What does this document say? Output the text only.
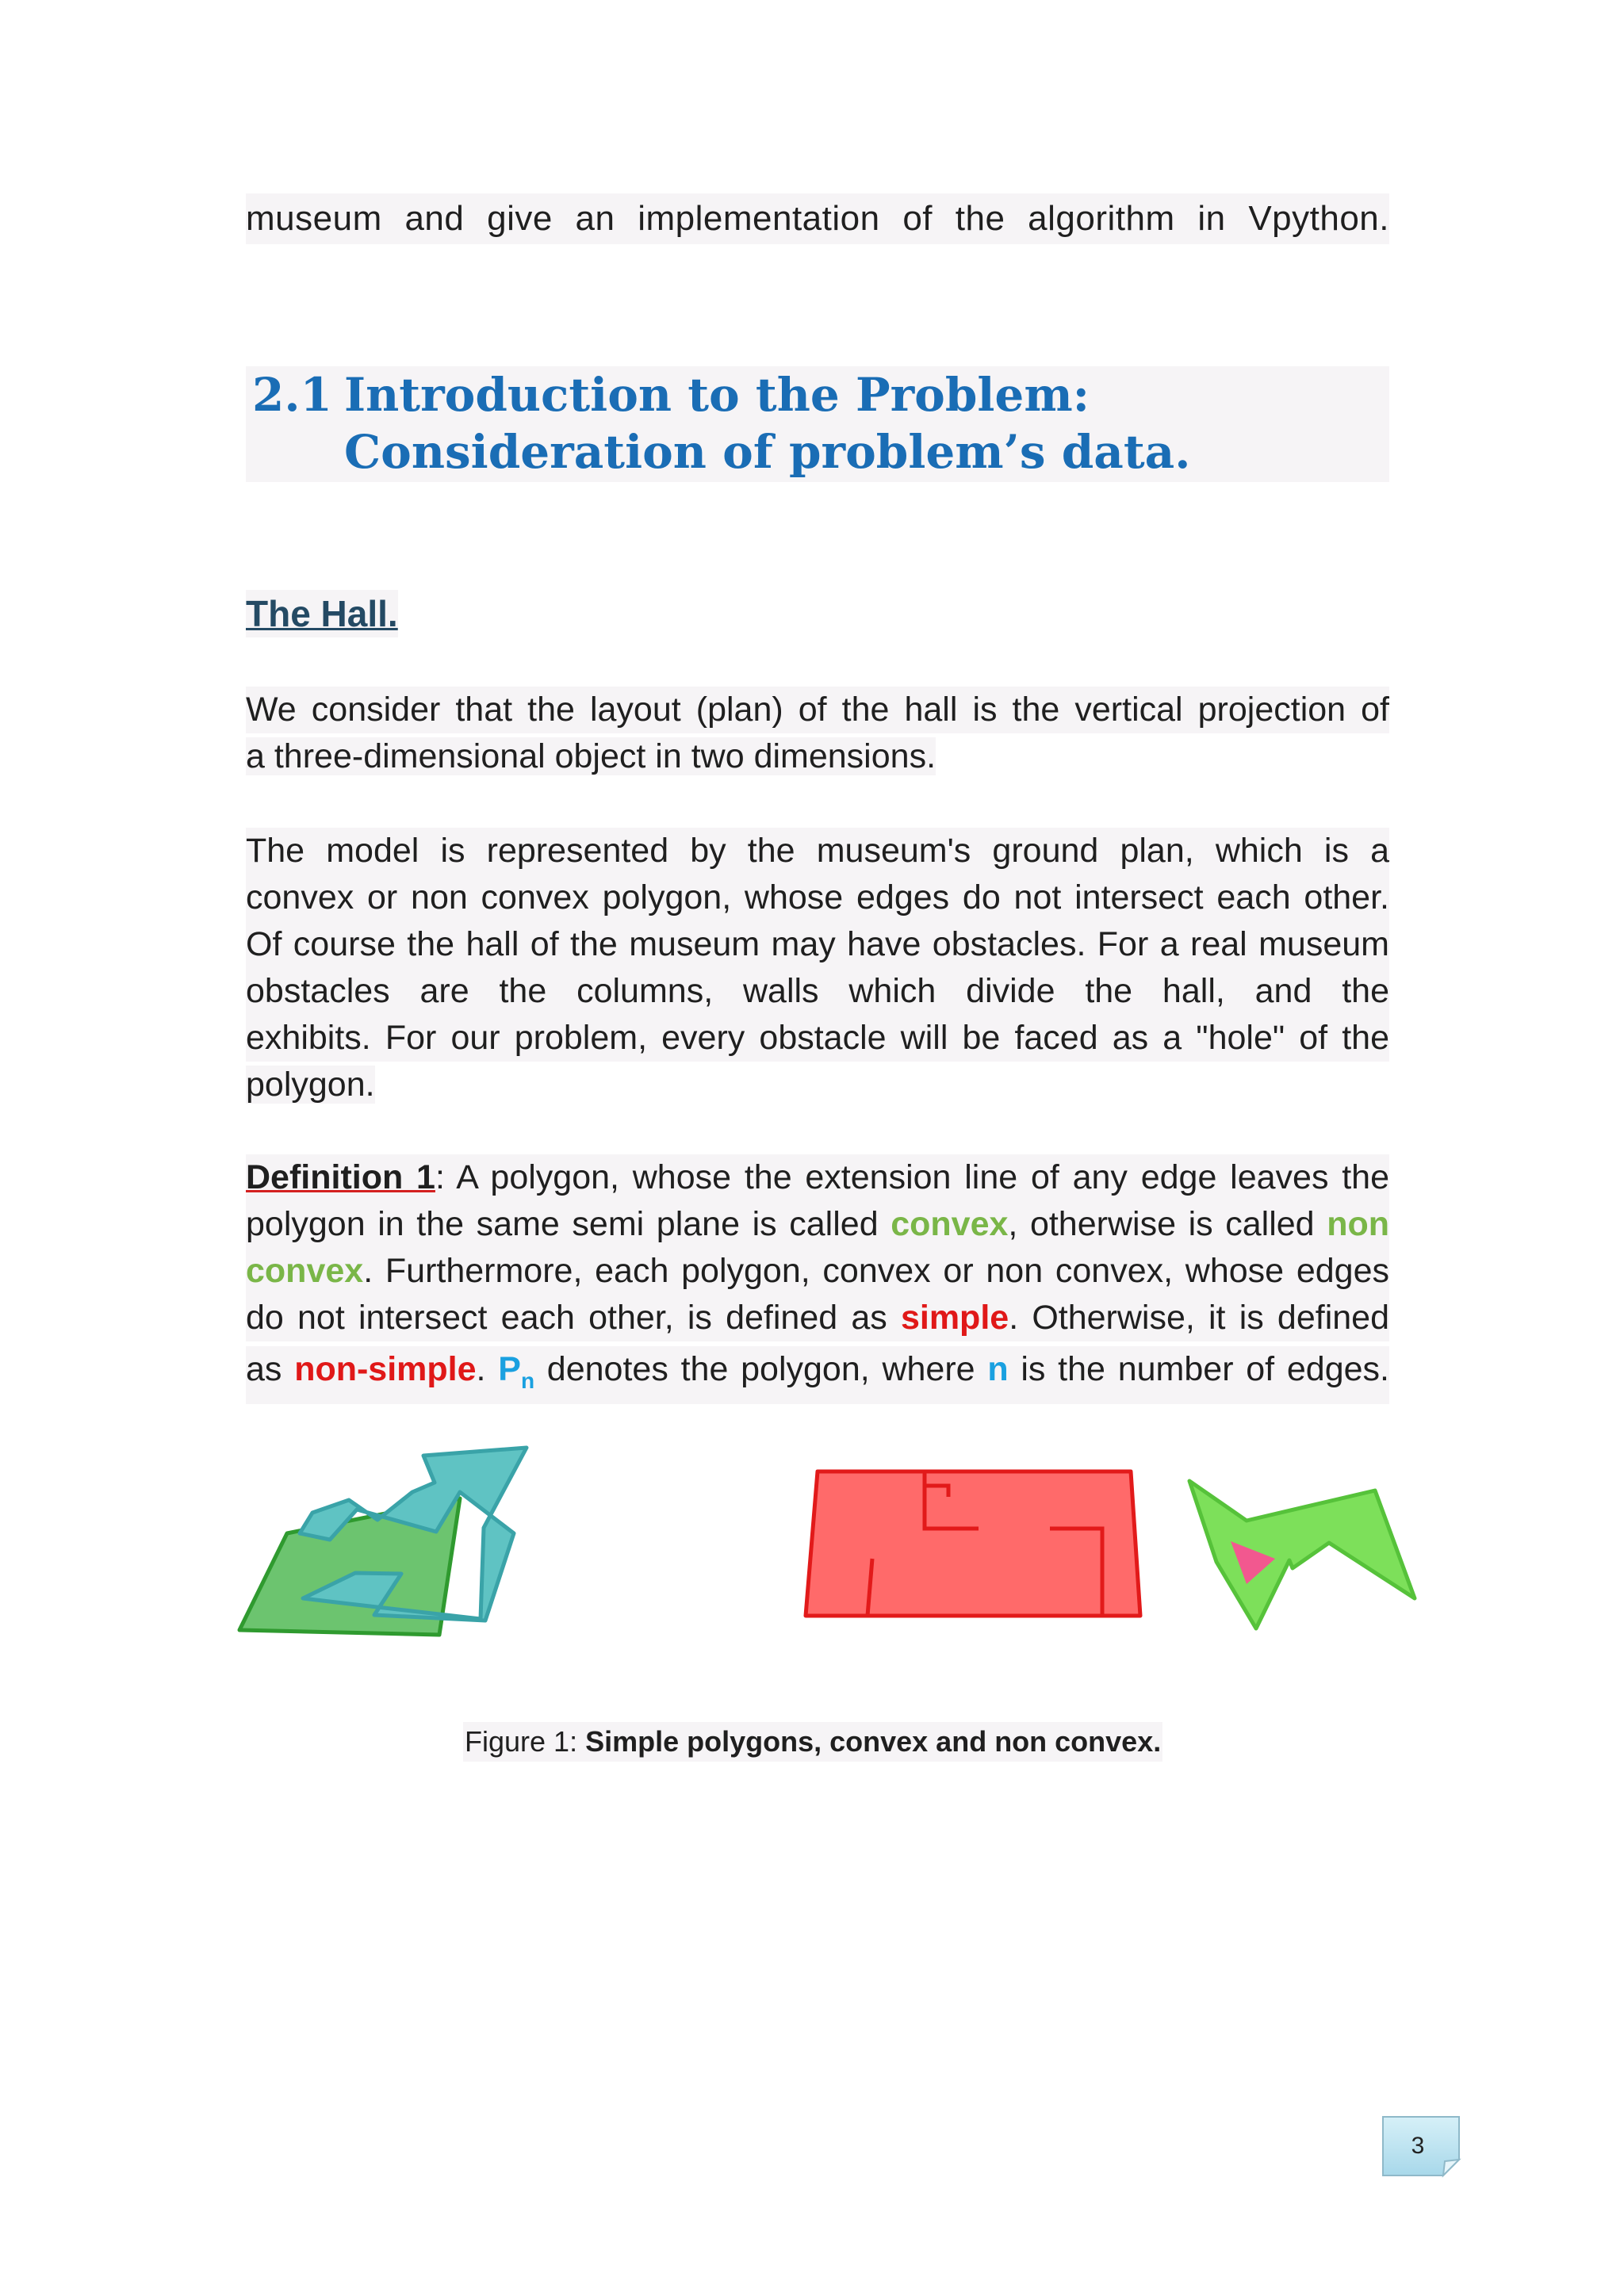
museum and give an implementation of the algorithm in Vpython.
2.1 Introduction to the Problem: Consideration of problem’s data.
The Hall.
We consider that the layout (plan) of the hall is the vertical projection of
a three-dimensional object in two dimensions.
The model is represented by the museum's ground plan, which is a
convex or non convex polygon, whose edges do not intersect each other.
Of course the hall of the museum may have obstacles. For a real museum
obstacles are the columns, walls which divide the hall, and the
exhibits. For our problem, every obstacle will be faced as a "hole" of the
polygon.
Definition 1: A polygon, whose the extension line of any edge leaves the
polygon in the same semi plane is called convex, otherwise is called non
convex. Furthermore, each polygon, convex or non convex, whose edges
do not intersect each other, is defined as simple. Otherwise, it is defined
as non-simple. $P_n$ denotes the polygon, where n is the number of edges.
Figure 1: Simple polygons, convex and non convex.
3
